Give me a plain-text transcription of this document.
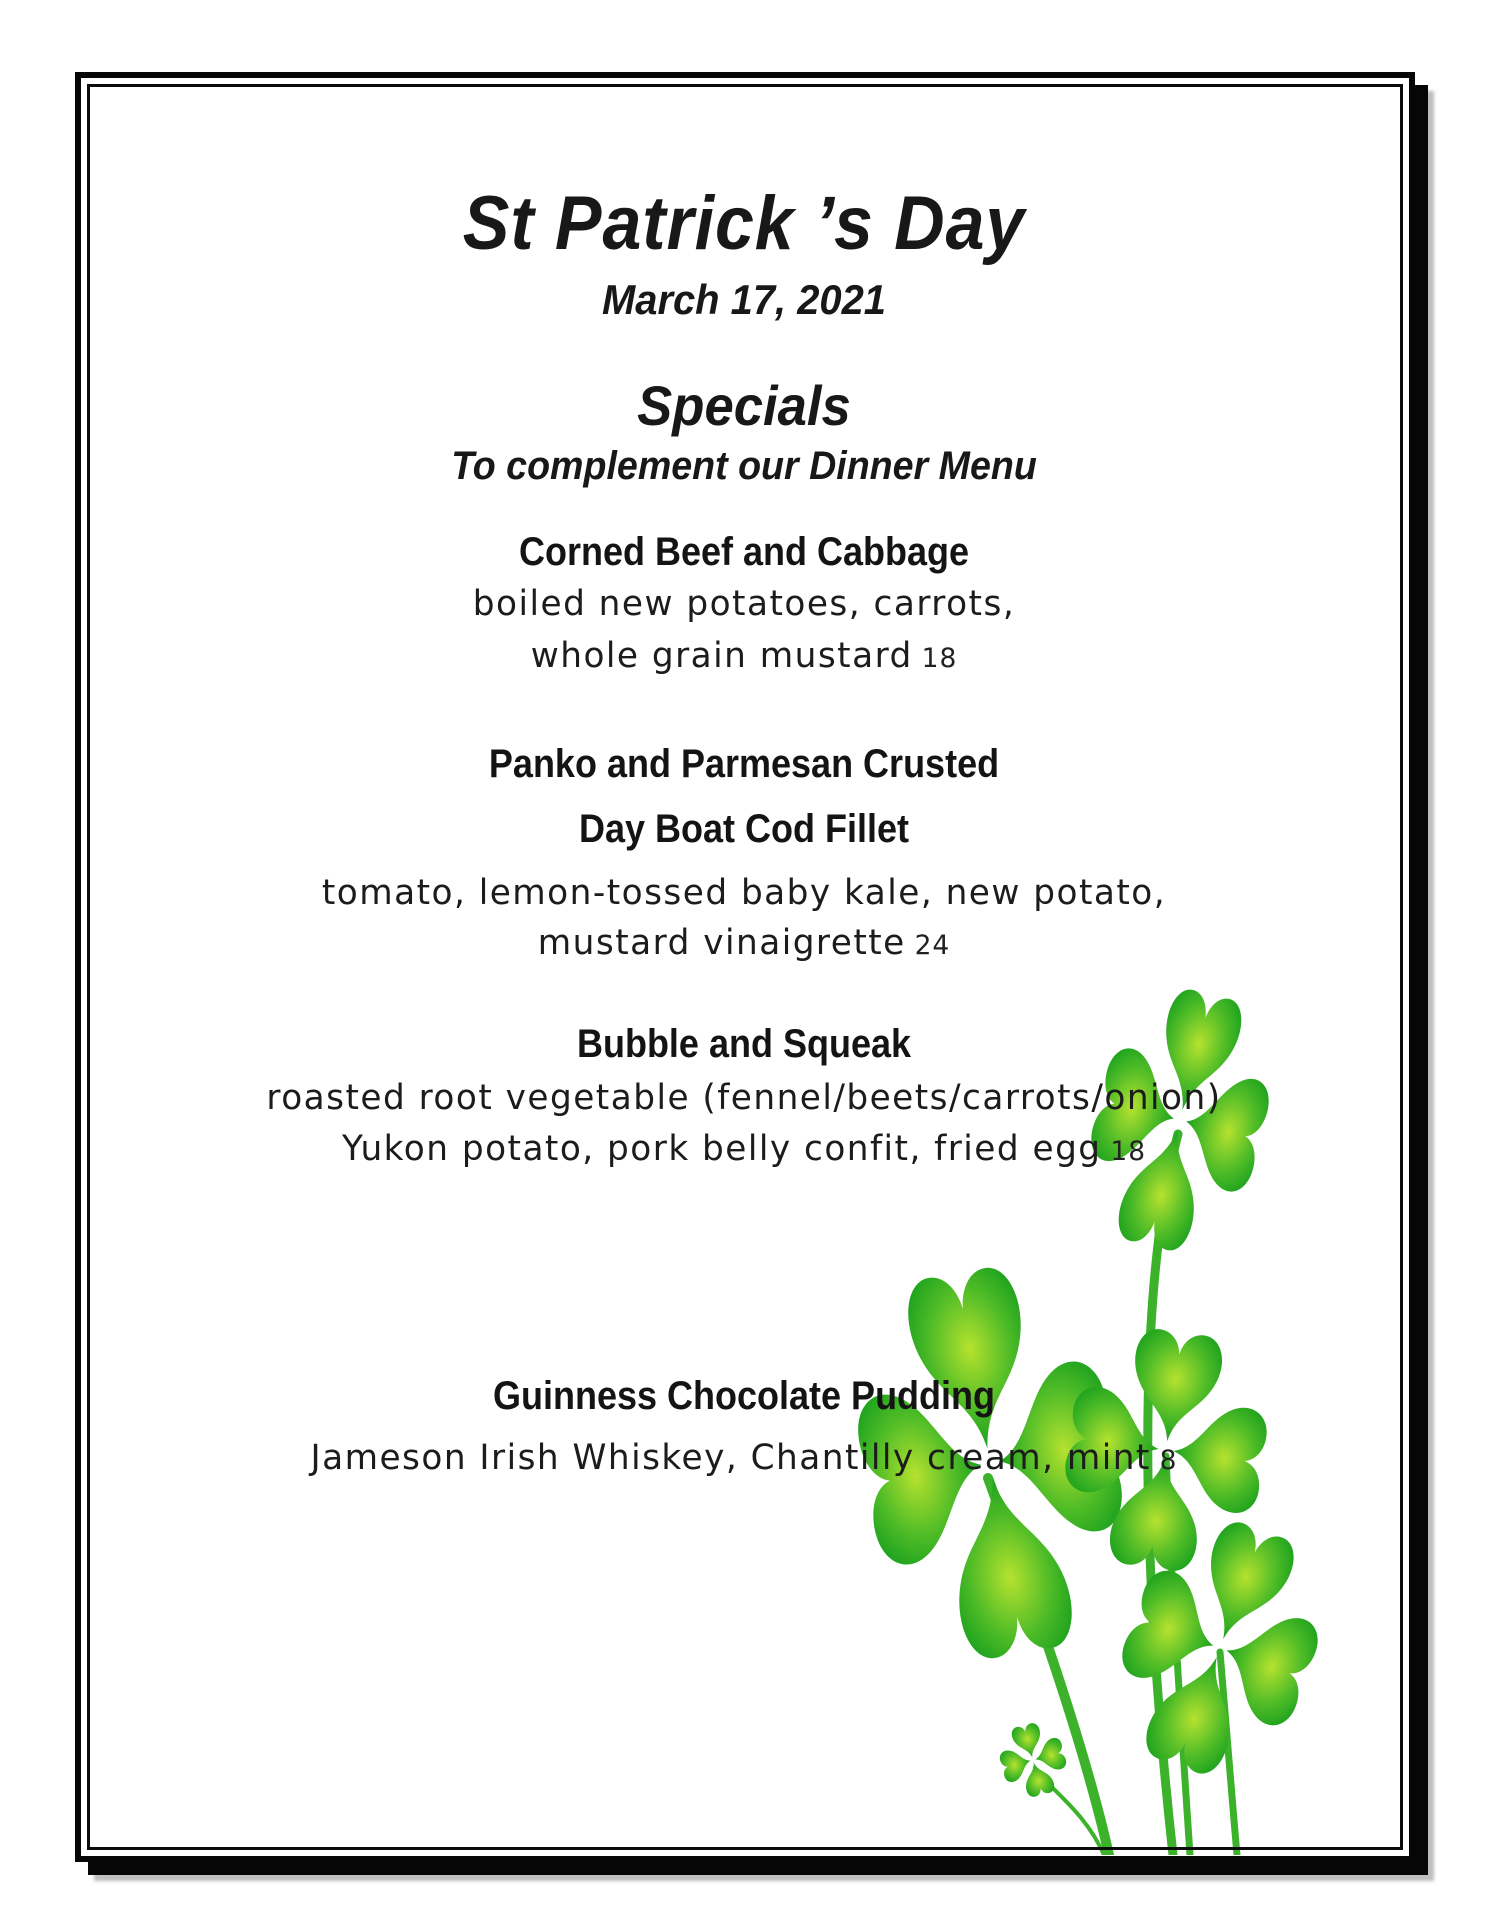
St Patrick ’s Day
March 17, 2021
Specials
To complement our Dinner Menu
Corned Beef and Cabbage
boiled new potatoes, carrots,
whole grain mustard 18
Panko and Parmesan Crusted
Day Boat Cod Fillet
tomato, lemon-tossed baby kale, new potato,
mustard vinaigrette 24
Bubble and Squeak
roasted root vegetable (fennel/beets/carrots/onion)
Yukon potato, pork belly confit, fried egg 18
Guinness Chocolate Pudding
Jameson Irish Whiskey, Chantilly cream, mint 8
